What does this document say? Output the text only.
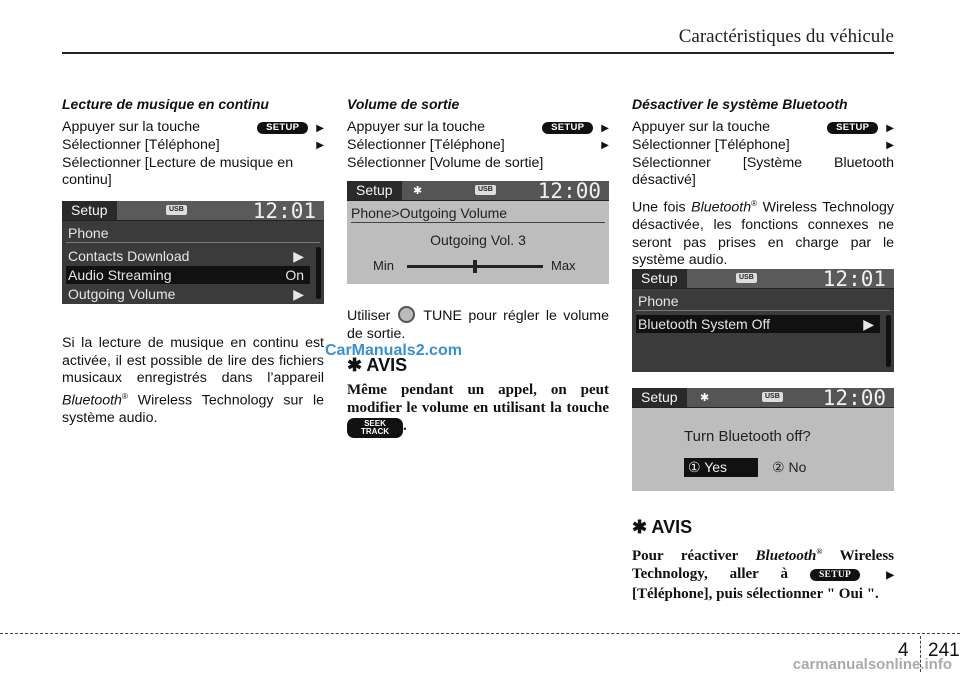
Caractéristiques du véhicule
Lecture de musique en continu
Appuyer sur la touche	SETUP ▶
Sélectionner [Téléphone]	▶

Sélectionner [Lecture de musique en continu]

Setup	USB	12:01
Phone
Contacts Download	▶
Audio Streaming	On
Outgoing Volume	▶
Si la lecture de musique en continu est activée, il est possible de lire des fichiers musicaux enregistrés dans l’appareil Bluetooth® Wireless Technology sur le système audio.
CarManuals2.com
Volume de sortie
Appuyer sur la touche	SETUP ▶
Sélectionner [Téléphone]	▶

Sélectionner [Volume de sortie]

Setup	✱	USB 12:00
Phone>Outgoing Volume
Outgoing Vol. 3
Min	Max
Utiliser TUNE pour régler le volume de sortie.
✱ AVIS
Même pendant un appel, on peut modifier le volume en utilisant la touche SEEK
TRACK .
Désactiver le système Bluetooth
Appuyer sur la touche	SETUP ▶
Sélectionner [Téléphone]	▶

Sélectionner [Système Bluetooth désactivé]

Une fois Bluetooth® Wireless Technology désactivée, les fonctions connexes ne seront pas prises en charge par le système audio.

Setup	USB	12:01
Phone
Bluetooth System Off	▶
Setup	✱	USB 12:00
Turn Bluetooth off?
① Yes	② No
✱ AVIS
Pour réactiver Bluetooth® Wireless Technology, aller à	SETUP ▶ [Téléphone], puis sélectionner " Oui ".
4 241
carmanualsonline.info
